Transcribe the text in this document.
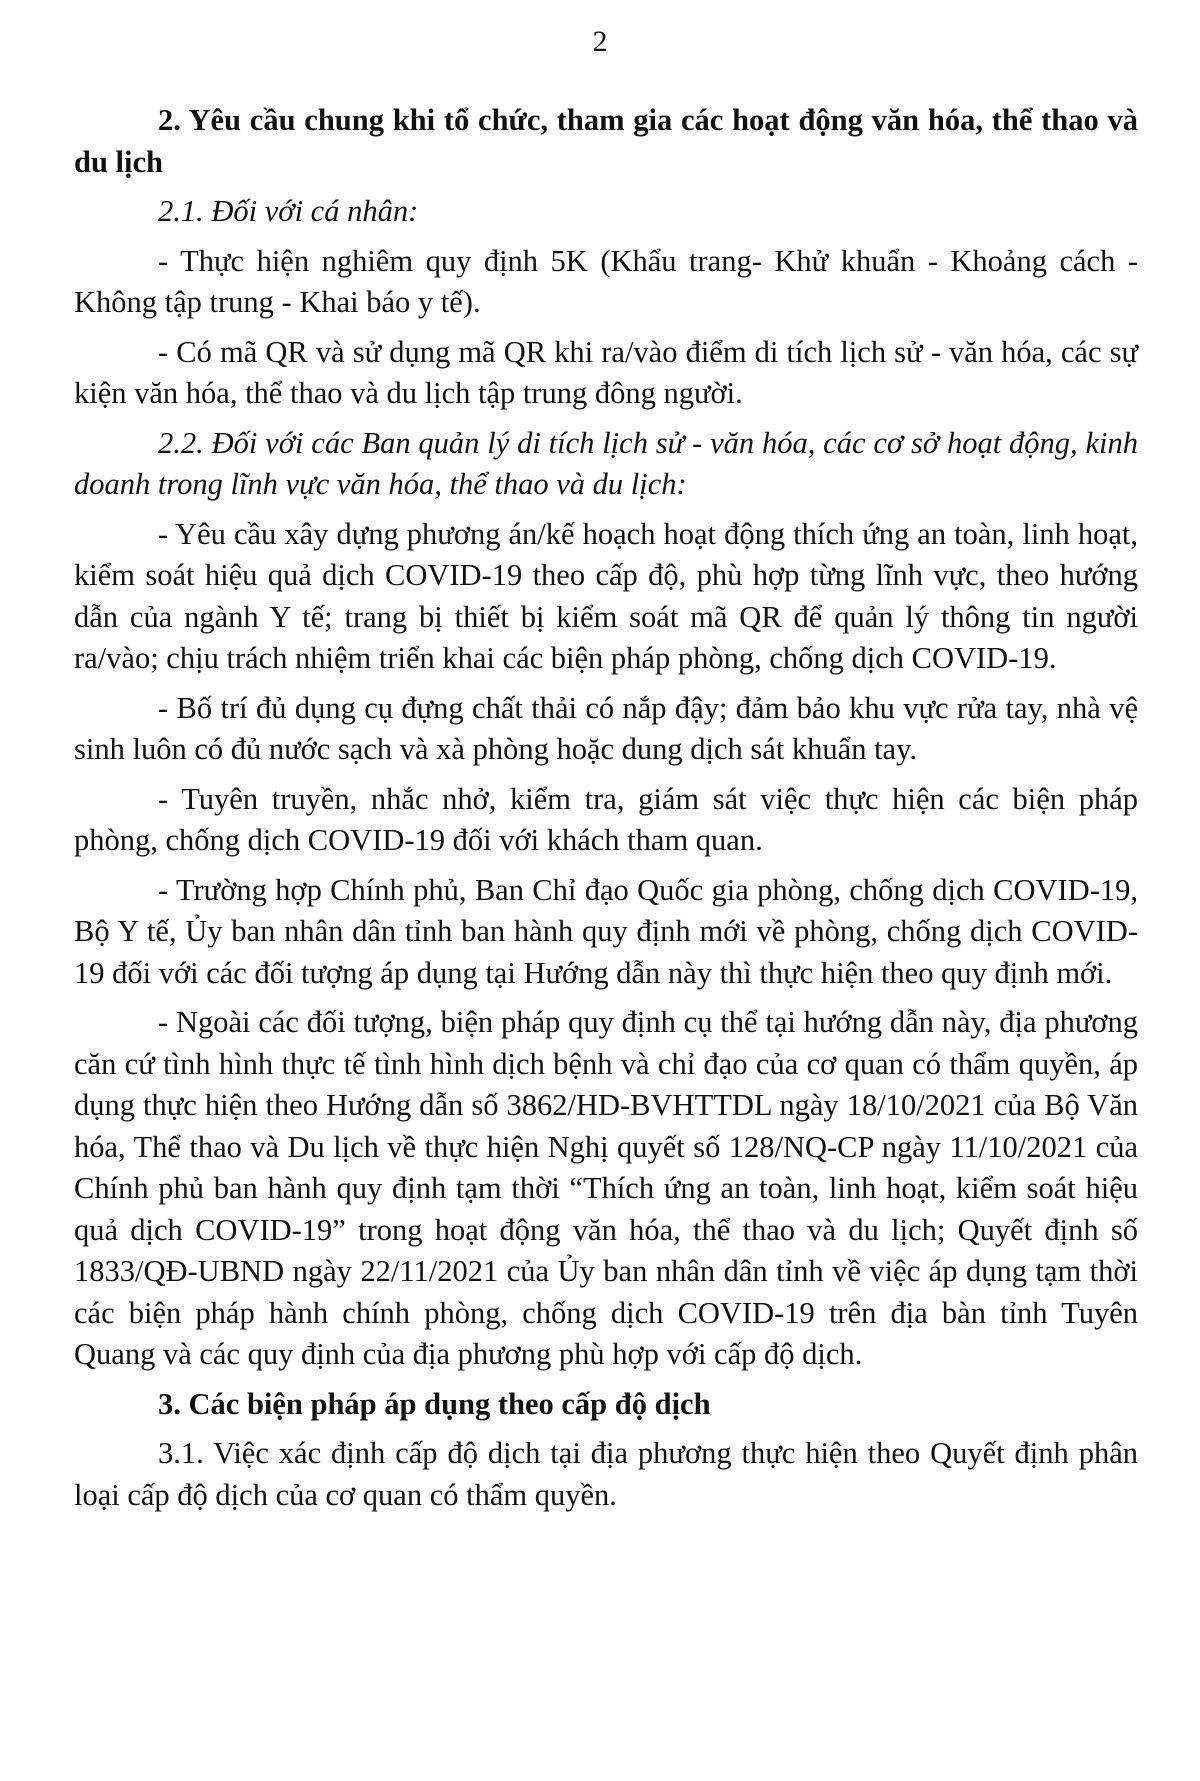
2

2. Yêu cầu chung khi tổ chức, tham gia các hoạt động văn hóa, thể thao và du lịch

2.1. Đối với cá nhân:

- Thực hiện nghiêm quy định 5K (Khẩu trang- Khử khuẩn - Khoảng cách - Không tập trung - Khai báo y tế).

- Có mã QR và sử dụng mã QR khi ra/vào điểm di tích lịch sử - văn hóa, các sự kiện văn hóa, thể thao và du lịch tập trung đông người.

2.2. Đối với các Ban quản lý di tích lịch sử - văn hóa, các cơ sở hoạt động, kinh doanh trong lĩnh vực văn hóa, thể thao và du lịch:

- Yêu cầu xây dựng phương án/kế hoạch hoạt động thích ứng an toàn, linh hoạt, kiểm soát hiệu quả dịch COVID-19 theo cấp độ, phù hợp từng lĩnh vực, theo hướng dẫn của ngành Y tế; trang bị thiết bị kiểm soát mã QR để quản lý thông tin người ra/vào; chịu trách nhiệm triển khai các biện pháp phòng, chống dịch COVID-19.

- Bố trí đủ dụng cụ đựng chất thải có nắp đậy; đảm bảo khu vực rửa tay, nhà vệ sinh luôn có đủ nước sạch và xà phòng hoặc dung dịch sát khuẩn tay.

- Tuyên truyền, nhắc nhở, kiểm tra, giám sát việc thực hiện các biện pháp phòng, chống dịch COVID-19 đối với khách tham quan.

- Trường hợp Chính phủ, Ban Chỉ đạo Quốc gia phòng, chống dịch COVID-19, Bộ Y tế, Ủy ban nhân dân tỉnh ban hành quy định mới về phòng, chống dịch COVID-19 đối với các đối tượng áp dụng tại Hướng dẫn này thì thực hiện theo quy định mới.

- Ngoài các đối tượng, biện pháp quy định cụ thể tại hướng dẫn này, địa phương căn cứ tình hình thực tế tình hình dịch bệnh và chỉ đạo của cơ quan có thẩm quyền, áp dụng thực hiện theo Hướng dẫn số 3862/HD-BVHTTDL ngày 18/10/2021 của Bộ Văn hóa, Thể thao và Du lịch về thực hiện Nghị quyết số 128/NQ-CP ngày 11/10/2021 của Chính phủ ban hành quy định tạm thời “Thích ứng an toàn, linh hoạt, kiểm soát hiệu quả dịch COVID-19” trong hoạt động văn hóa, thể thao và du lịch; Quyết định số 1833/QĐ-UBND ngày 22/11/2021 của Ủy ban nhân dân tỉnh về việc áp dụng tạm thời các biện pháp hành chính phòng, chống dịch COVID-19 trên địa bàn tỉnh Tuyên Quang và các quy định của địa phương phù hợp với cấp độ dịch.

3. Các biện pháp áp dụng theo cấp độ dịch

3.1. Việc xác định cấp độ dịch tại địa phương thực hiện theo Quyết định phân loại cấp độ dịch của cơ quan có thẩm quyền.
